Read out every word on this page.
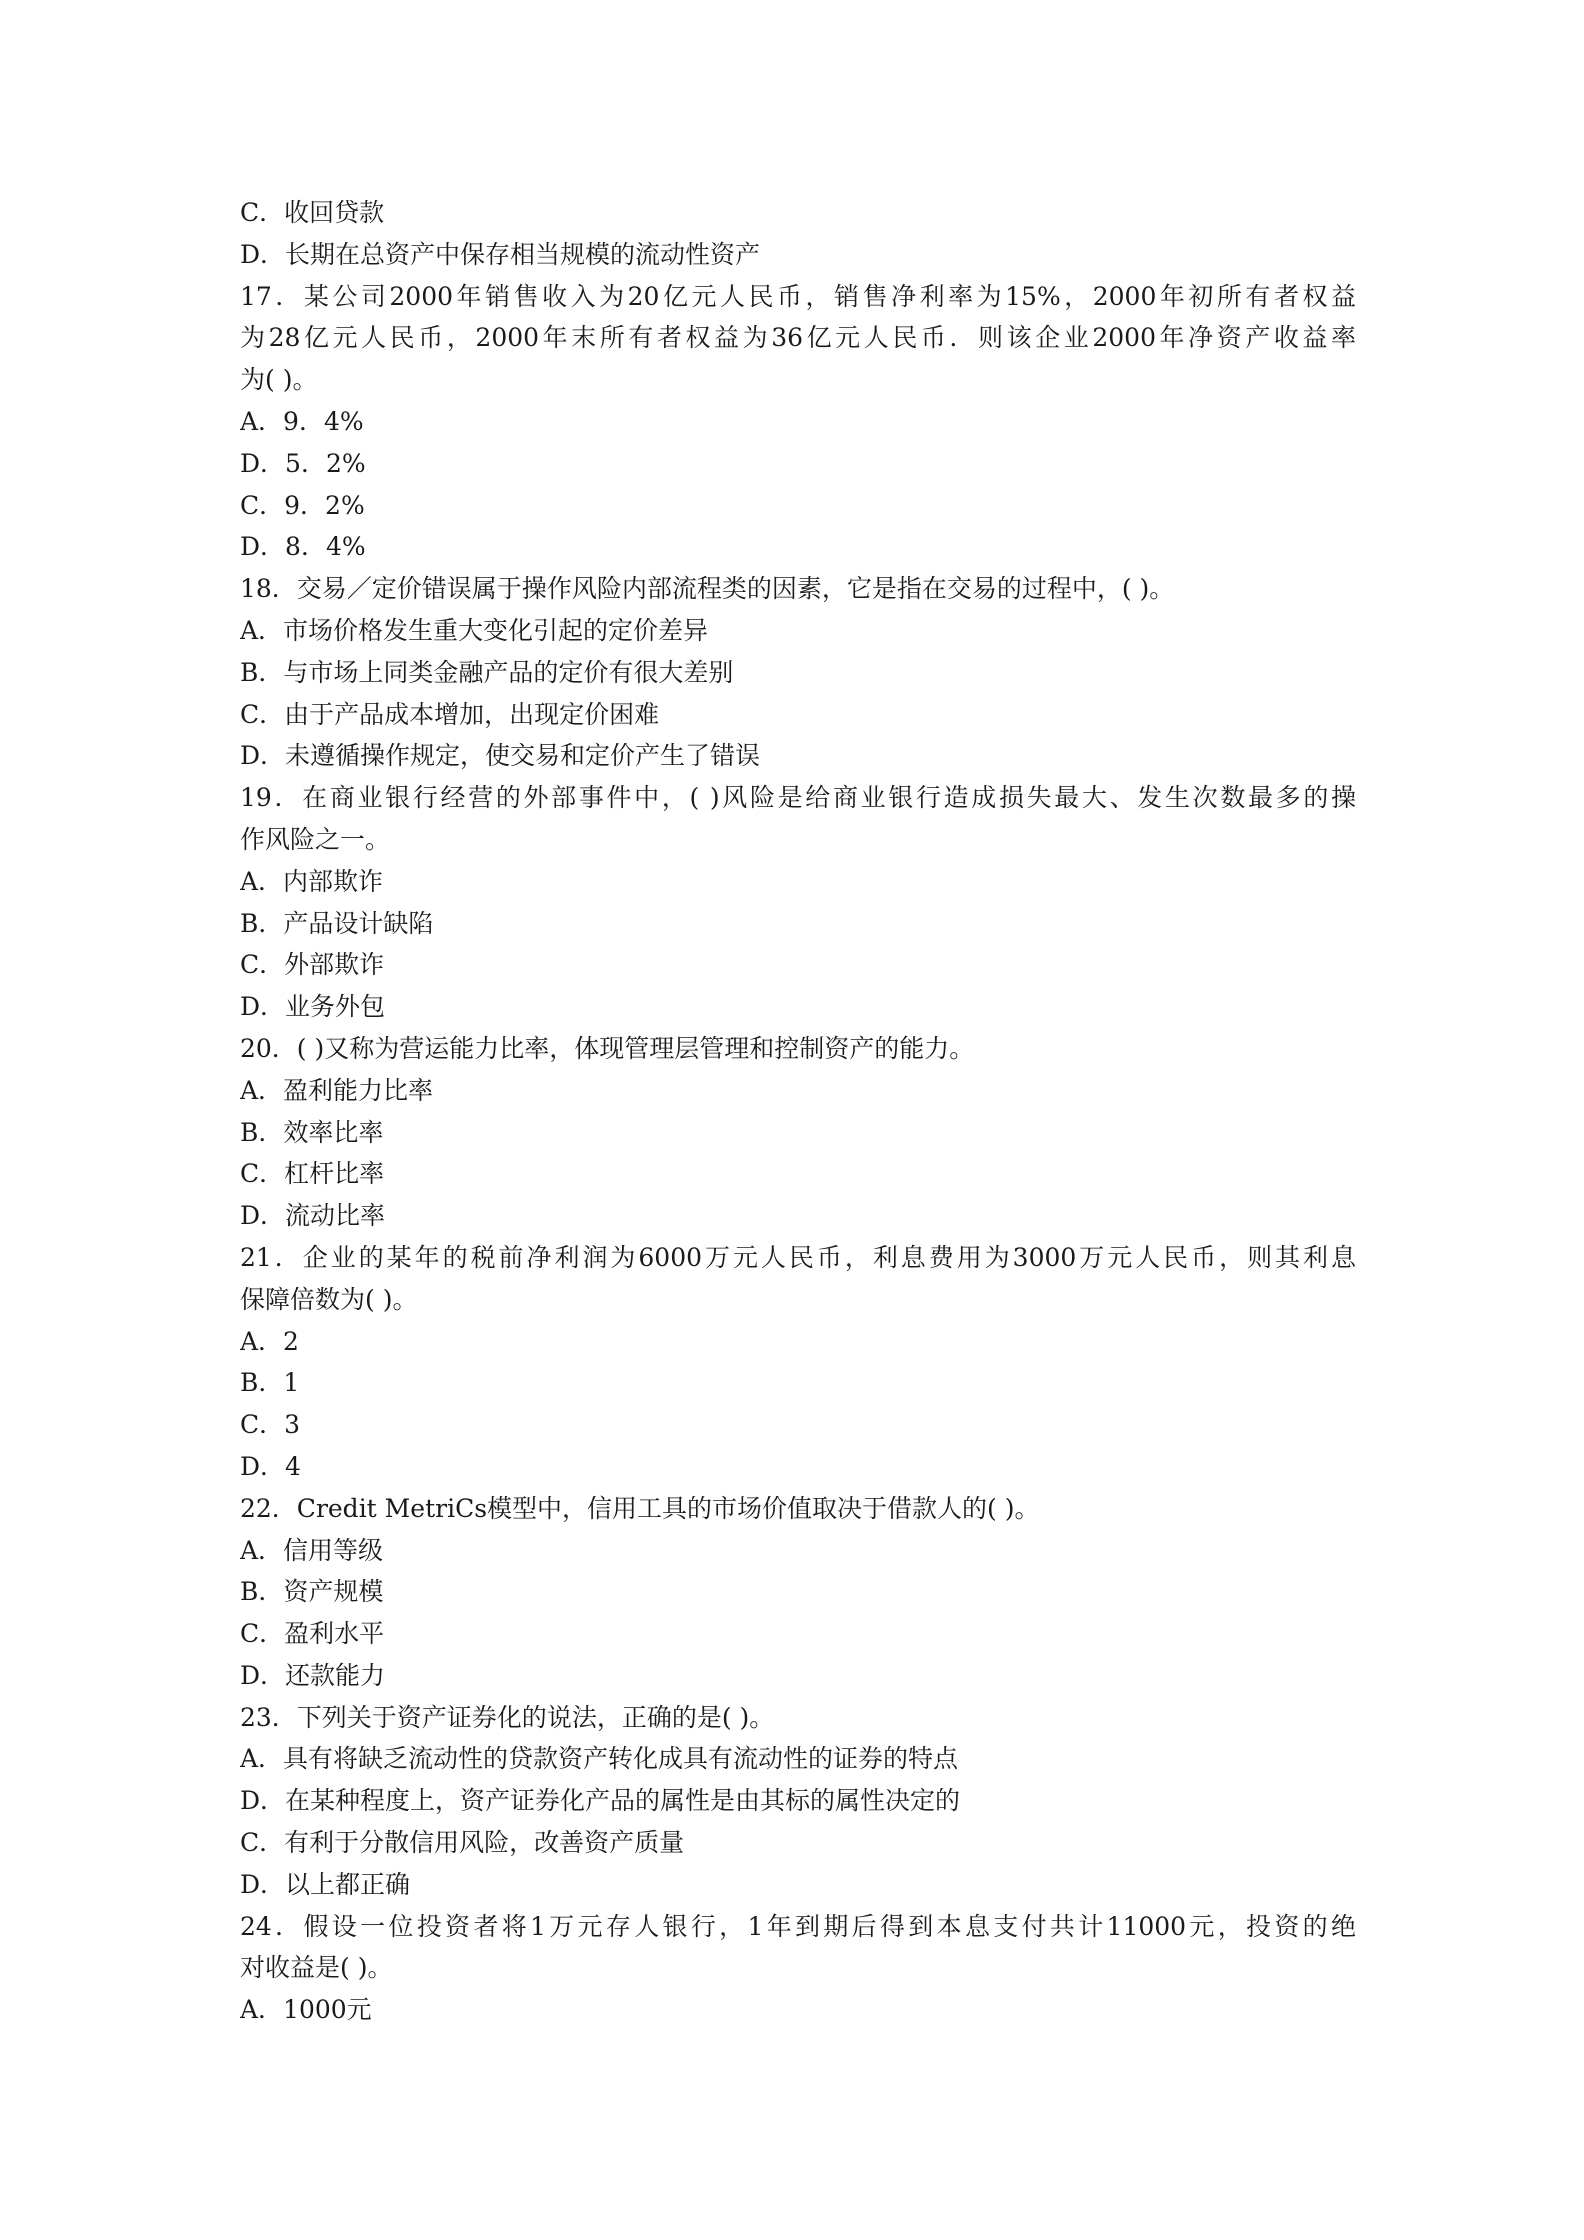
C．收回贷款
D．长期在总资产中保存相当规模的流动性资产
17．某公司2000年销售收入为20亿元人民币，销售净利率为15%，2000年初所有者权益
为28亿元人民币，2000年末所有者权益为36亿元人民币．则该企业2000年净资产收益率
为( )。
A．9．4%
D．5．2%
C．9．2%
D．8．4%
18．交易／定价错误属于操作风险内部流程类的因素，它是指在交易的过程中，( )。
A．市场价格发生重大变化引起的定价差异
B．与市场上同类金融产品的定价有很大差别
C．由于产品成本增加，出现定价困难
D．未遵循操作规定，使交易和定价产生了错误
19．在商业银行经营的外部事件中，( )风险是给商业银行造成损失最大、发生次数最多的操
作风险之一。
A．内部欺诈
B．产品设计缺陷
C．外部欺诈
D．业务外包
20．( )又称为营运能力比率，体现管理层管理和控制资产的能力。
A．盈利能力比率
B．效率比率
C．杠杆比率
D．流动比率
21．企业的某年的税前净利润为6000万元人民币，利息费用为3000万元人民币，则其利息
保障倍数为( )。
A．2
B．1
C．3
D．4
22．Credit MetriCs模型中，信用工具的市场价值取决于借款人的( )。
A．信用等级
B．资产规模
C．盈利水平
D．还款能力
23．下列关于资产证券化的说法，正确的是( )。
A．具有将缺乏流动性的贷款资产转化成具有流动性的证券的特点
D．在某种程度上，资产证券化产品的属性是由其标的属性决定的
C．有利于分散信用风险，改善资产质量
D．以上都正确
24．假设一位投资者将1万元存人银行，1年到期后得到本息支付共计11000元，投资的绝
对收益是( )。
A．1000元
